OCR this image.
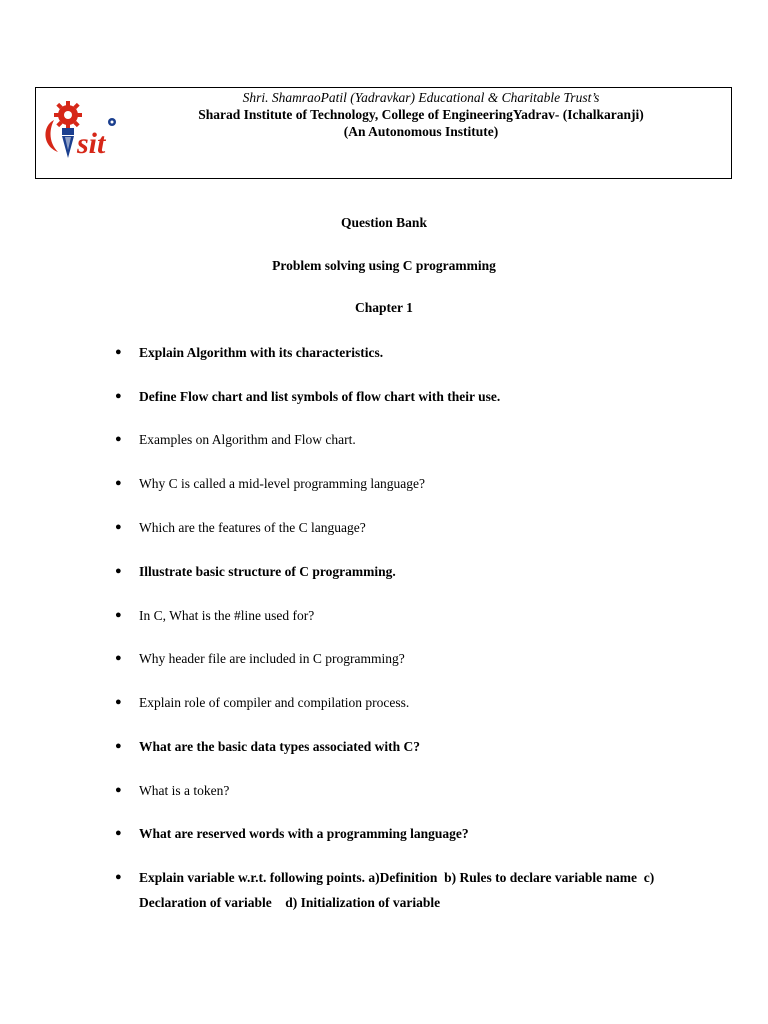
sit
Shri. ShamraoPatil (Yadravkar) Educational & Charitable Trust’s
Sharad Institute of Technology, College of EngineeringYadrav- (Ichalkaranji)
(An Autonomous Institute)
Question Bank
Problem solving using C programming
Chapter 1
● Explain Algorithm with its characteristics.
● Define Flow chart and list symbols of flow chart with their use.
● Examples on Algorithm and Flow chart.
● Why C is called a mid-level programming language?
● Which are the features of the C language?
● Illustrate basic structure of C programming.
● In C, What is the #line used for?
● Why header file are included in C programming?
● Explain role of compiler and compilation process.
● What are the basic data types associated with C?
● What is a token?
● What are reserved words with a programming language?
● Explain variable w.r.t. following points. a)Definition  b) Rules to declare variable name  c) Declaration of variable    d) Initialization of variable
